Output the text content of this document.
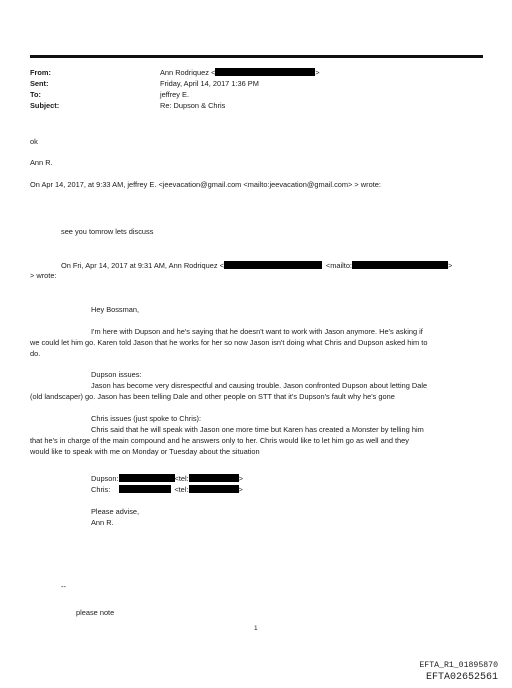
From:	Ann Rodriquez <	>
Sent:	Friday, April 14, 2017 1:36 PM
To:	jeffrey E.
Subject:	Re: Dupson & Chris
ok
Ann R.
On Apr 14, 2017, at 9:33 AM, jeffrey E. <jeevacation@gmail.com <mailto:jeevacation@gmail.com> > wrote:
see you tomrow lets discuss
On Fri, Apr 14, 2017 at 9:31 AM, Ann Rodriquez <	<mailto:	>
> wrote:
Hey Bossman,
I'm here with Dupson and he's saying that he doesn't want to work with Jason anymore. He's asking if
we could let him go. Karen told Jason that he works for her so now Jason isn't doing what Chris and Dupson asked him to
do.
Dupson issues:
Jason has become very disrespectful and causing trouble. Jason confronted Dupson about letting Dale
(old landscaper) go. Jason has been telling Dale and other people on STT that it's Dupson's fault why he's gone
Chris issues (just spoke to Chris):
Chris said that he will speak with Jason one more time but Karen has created a Monster by telling him
that he's in charge of the main compound and he answers only to her. Chris would like to let him go as well and they
would like to speak with me on Monday or Tuesday about the situation
Dupson:	<tel:	>
Chris:	<tel:	>
Please advise,
Ann R.
--
please note
1
EFTA_R1_01895870
EFTA02652561
